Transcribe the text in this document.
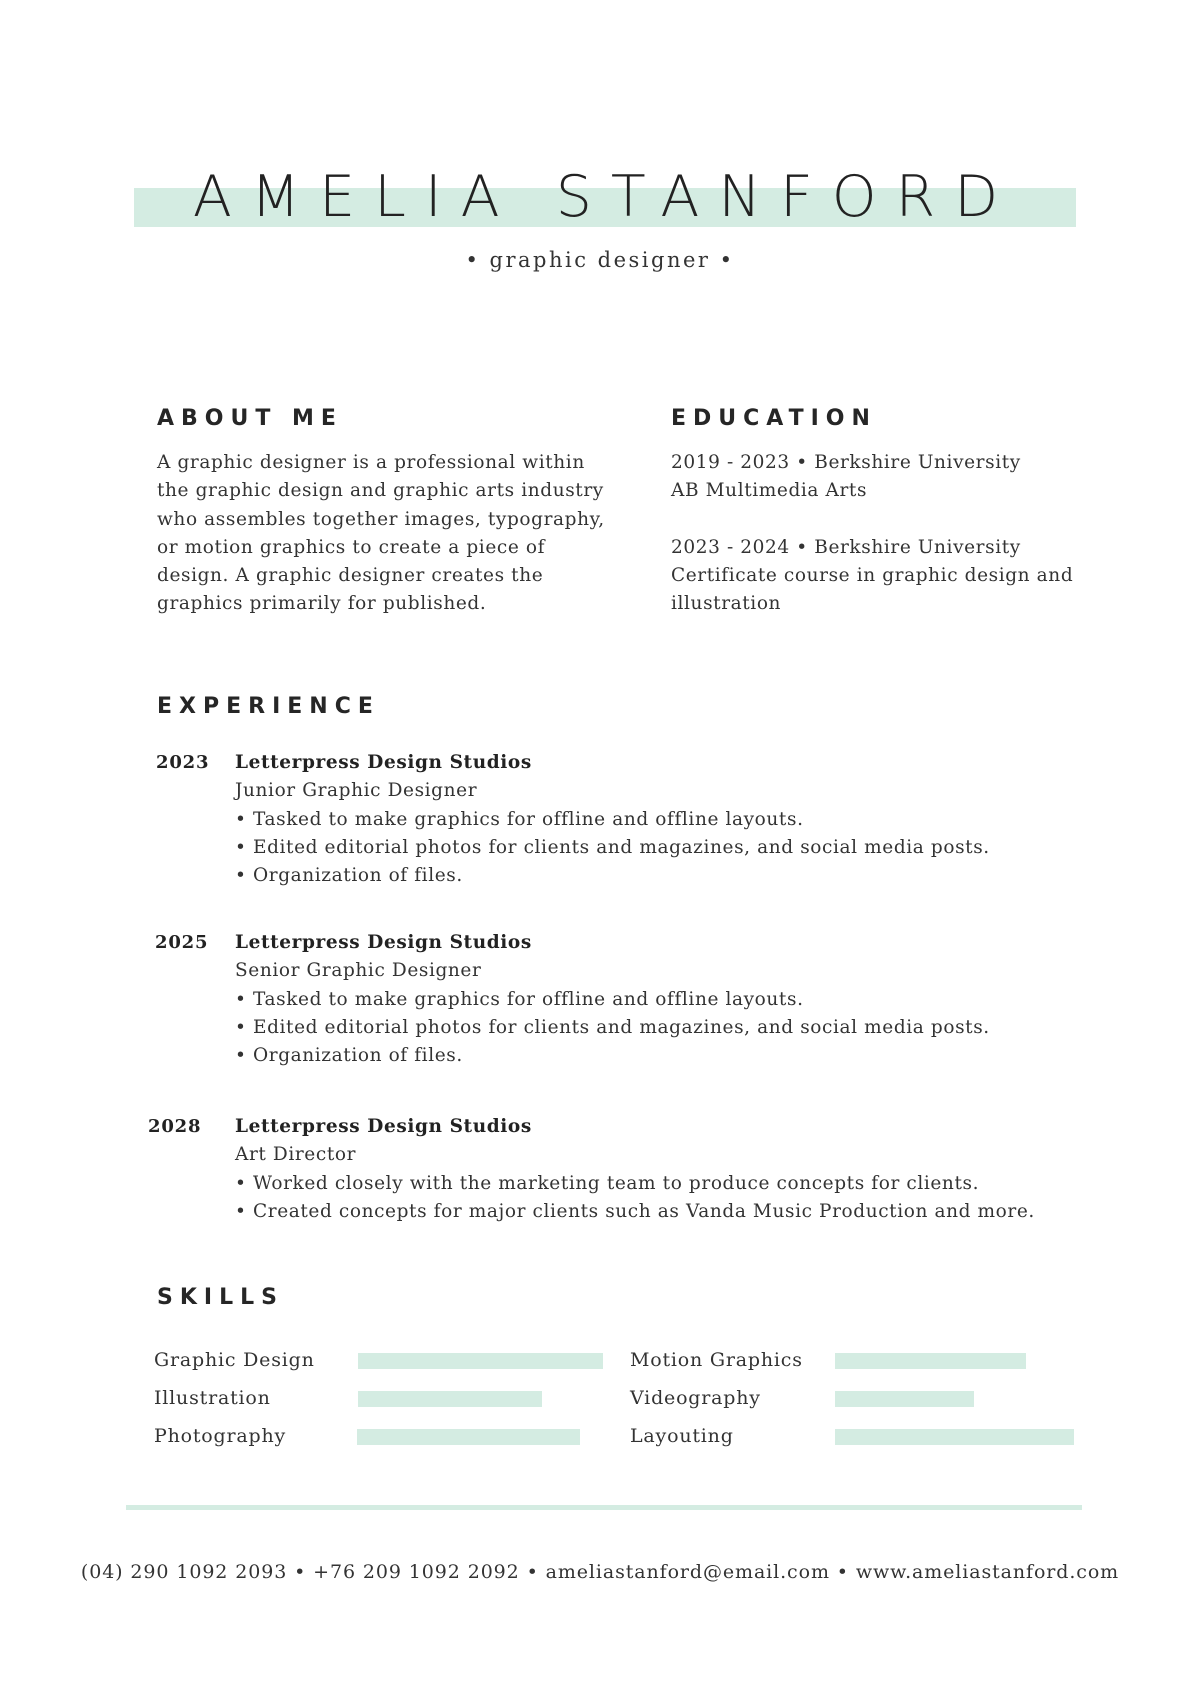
AMELIA STANFORD
• graphic designer •
ABOUT ME

A graphic designer is a professional within

the graphic design and graphic arts industry

who assembles together images, typography,

or motion graphics to create a piece of

design. A graphic designer creates the

graphics primarily for published.

EDUCATION

2019 - 2023 • Berkshire University

AB Multimedia Arts

2023 - 2024 • Berkshire University

Certificate course in graphic design and

illustration

EXPERIENCE
2023 Letterpress Design Studios
Junior Graphic Designer
• Tasked to make graphics for offline and offline layouts.
• Edited editorial photos for clients and magazines, and social media posts.
• Organization of files.
2025 Letterpress Design Studios
Senior Graphic Designer
• Tasked to make graphics for offline and offline layouts.
• Edited editorial photos for clients and magazines, and social media posts.
• Organization of files.
2028 Letterpress Design Studios
Art Director
• Worked closely with the marketing team to produce concepts for clients.
• Created concepts for major clients such as Vanda Music Production and more.
SKILLS
Graphic Design
Illustration
Photography
Motion Graphics
Videography
Layouting
(04) 290 1092 2093 • +76 209 1092 2092 • ameliastanford@email.com • www.ameliastanford.com
